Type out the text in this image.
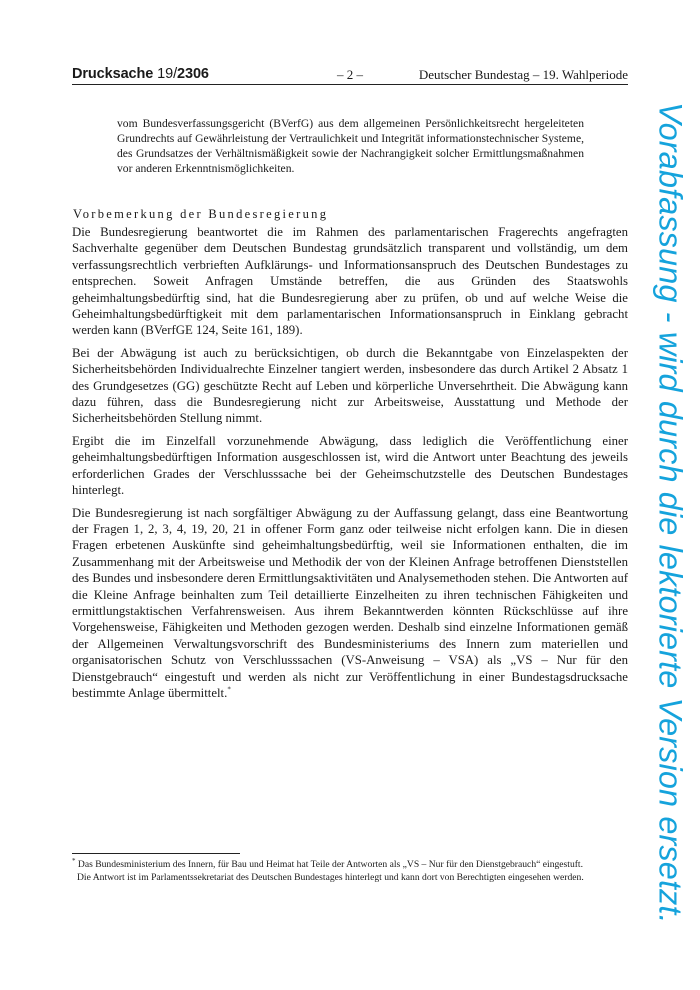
Drucksache 19/2306	– 2 –	Deutscher Bundestag – 19. Wahlperiode
Vorabfassung - wird durch die lektorierte Version ersetzt.
vom Bundesverfassungsgericht (BVerfG) aus dem allgemeinen Persönlichkeitsrecht hergeleiteten Grundrechts auf Gewährleistung der Vertraulichkeit und Integrität informationstechnischer Systeme, des Grundsatzes der Verhältnismäßigkeit sowie der Nachrangigkeit solcher Ermittlungsmaßnahmen vor anderen Erkenntnismöglichkeiten.
Vorbemerkung der Bundesregierung

Die Bundesregierung beantwortet die im Rahmen des parlamentarischen Fragerechts angefragten Sachverhalte gegenüber dem Deutschen Bundestag grundsätzlich transparent und vollständig, um dem verfassungsrechtlich verbrieften Aufklärungs- und Informationsanspruch des Deutschen Bundestages zu entsprechen. Soweit Anfragen Umstände betreffen, die aus Gründen des Staatswohls geheimhaltungsbedürftig sind, hat die Bundesregierung aber zu prüfen, ob und auf welche Weise die Geheimhaltungsbedürftigkeit mit dem parlamentarischen Informationsanspruch in Einklang gebracht werden kann (BVerfGE 124, Seite 161, 189).

Bei der Abwägung ist auch zu berücksichtigen, ob durch die Bekanntgabe von Einzelaspekten der Sicherheitsbehörden Individualrechte Einzelner tangiert werden, insbesondere das durch Artikel 2 Absatz 1 des Grundgesetzes (GG) geschützte Recht auf Leben und körperliche Unversehrtheit. Die Abwägung kann dazu führen, dass die Bundesregierung nicht zur Arbeitsweise, Ausstattung und Methode der Sicherheitsbehörden Stellung nimmt.

Ergibt die im Einzelfall vorzunehmende Abwägung, dass lediglich die Veröffentlichung einer geheimhaltungsbedürftigen Information ausgeschlossen ist, wird die Antwort unter Beachtung des jeweils erforderlichen Grades der Verschlusssache bei der Geheimschutzstelle des Deutschen Bundestages hinterlegt.

Die Bundesregierung ist nach sorgfältiger Abwägung zu der Auffassung gelangt, dass eine Beantwortung der Fragen 1, 2, 3, 4, 19, 20, 21 in offener Form ganz oder teilweise nicht erfolgen kann. Die in diesen Fragen erbetenen Auskünfte sind geheimhaltungsbedürftig, weil sie Informationen enthalten, die im Zusammenhang mit der Arbeitsweise und Methodik der von der Kleinen Anfrage betroffenen Dienststellen des Bundes und insbesondere deren Ermittlungsaktivitäten und Analysemethoden stehen. Die Antworten auf die Kleine Anfrage beinhalten zum Teil detaillierte Einzelheiten zu ihren technischen Fähigkeiten und ermittlungstaktischen Verfahrensweisen. Aus ihrem Bekanntwerden könnten Rückschlüsse auf ihre Vorgehensweise, Fähigkeiten und Methoden gezogen werden. Deshalb sind einzelne Informationen gemäß der Allgemeinen Verwaltungsvorschrift des Bundesministeriums des Innern zum materiellen und organisatorischen Schutz von Verschlusssachen (VS-Anweisung – VSA) als „VS – Nur für den Dienstgebrauch“ eingestuft und werden als nicht zur Veröffentlichung in einer Bundestagsdrucksache bestimmte Anlage übermittelt.*

* Das Bundesministerium des Innern, für Bau und Heimat hat Teile der Antworten als „VS – Nur für den Dienstgebrauch“ eingestuft.
Die Antwort ist im Parlamentssekretariat des Deutschen Bundestages hinterlegt und kann dort von Berechtigten eingesehen werden.
